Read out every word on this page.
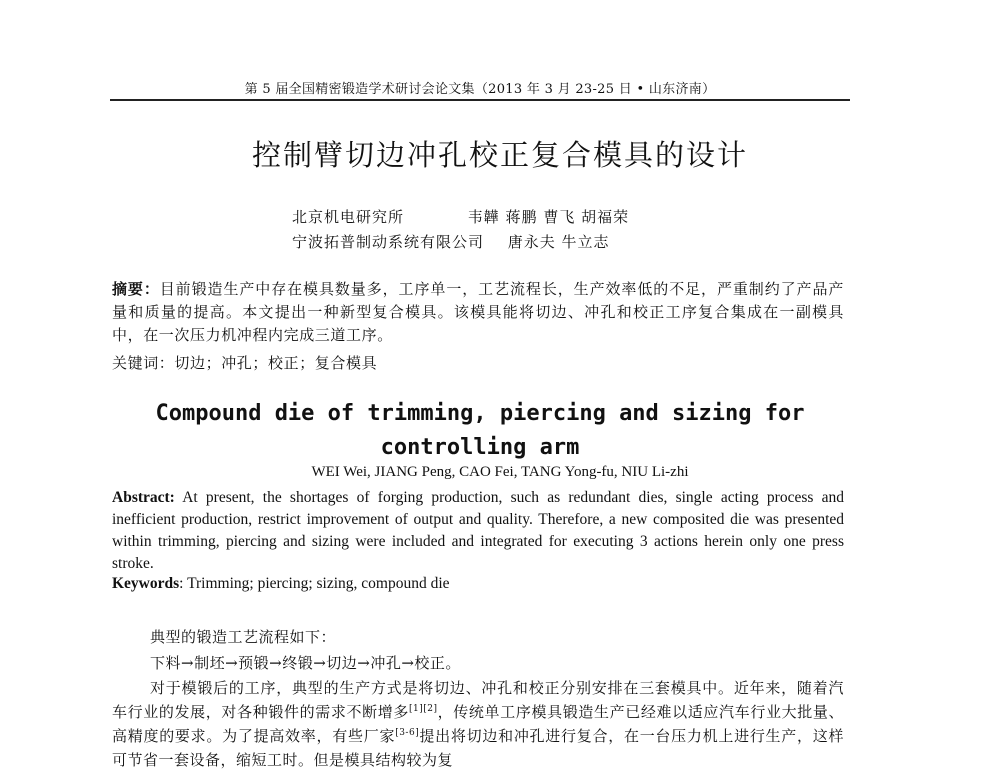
第 5 届全国精密锻造学术研讨会论文集（2013 年 3 月 23-25 日 • 山东济南）
控制臂切边冲孔校正复合模具的设计
北京机电研究所	韦韡 蒋鹏 曹飞 胡福荣
宁波拓普制动系统有限公司 唐永夫 牛立志
摘要：目前锻造生产中存在模具数量多，工序单一，工艺流程长，生产效率低的不足，严重制约了产品产量和质量的提高。本文提出一种新型复合模具。该模具能将切边、冲孔和校正工序复合集成在一副模具中，在一次压力机冲程内完成三道工序。
关键词：切边；冲孔；校正；复合模具
Compound die of trimming, piercing and sizing for
controlling arm
WEI Wei, JIANG Peng, CAO Fei, TANG Yong-fu, NIU Li-zhi
Abstract: At present, the shortages of forging production, such as redundant dies, single acting process and inefficient production, restrict improvement of output and quality. Therefore, a new composited die was presented within trimming, piercing and sizing were included and integrated for executing 3 actions herein only one press stroke.
Keywords: Trimming; piercing; sizing, compound die
典型的锻造工艺流程如下：
下料→制坯→预锻→终锻→切边→冲孔→校正。
对于模锻后的工序，典型的生产方式是将切边、冲孔和校正分别安排在三套模具中。近年来，随着汽车行业的发展，对各种锻件的需求不断增多[1][2]，传统单工序模具锻造生产已经难以适应汽车行业大批量、高精度的要求。为了提高效率，有些厂家[3-6]提出将切边和冲孔进行复合，在一台压力机上进行生产，这样可节省一套设备，缩短工时。但是模具结构较为复
